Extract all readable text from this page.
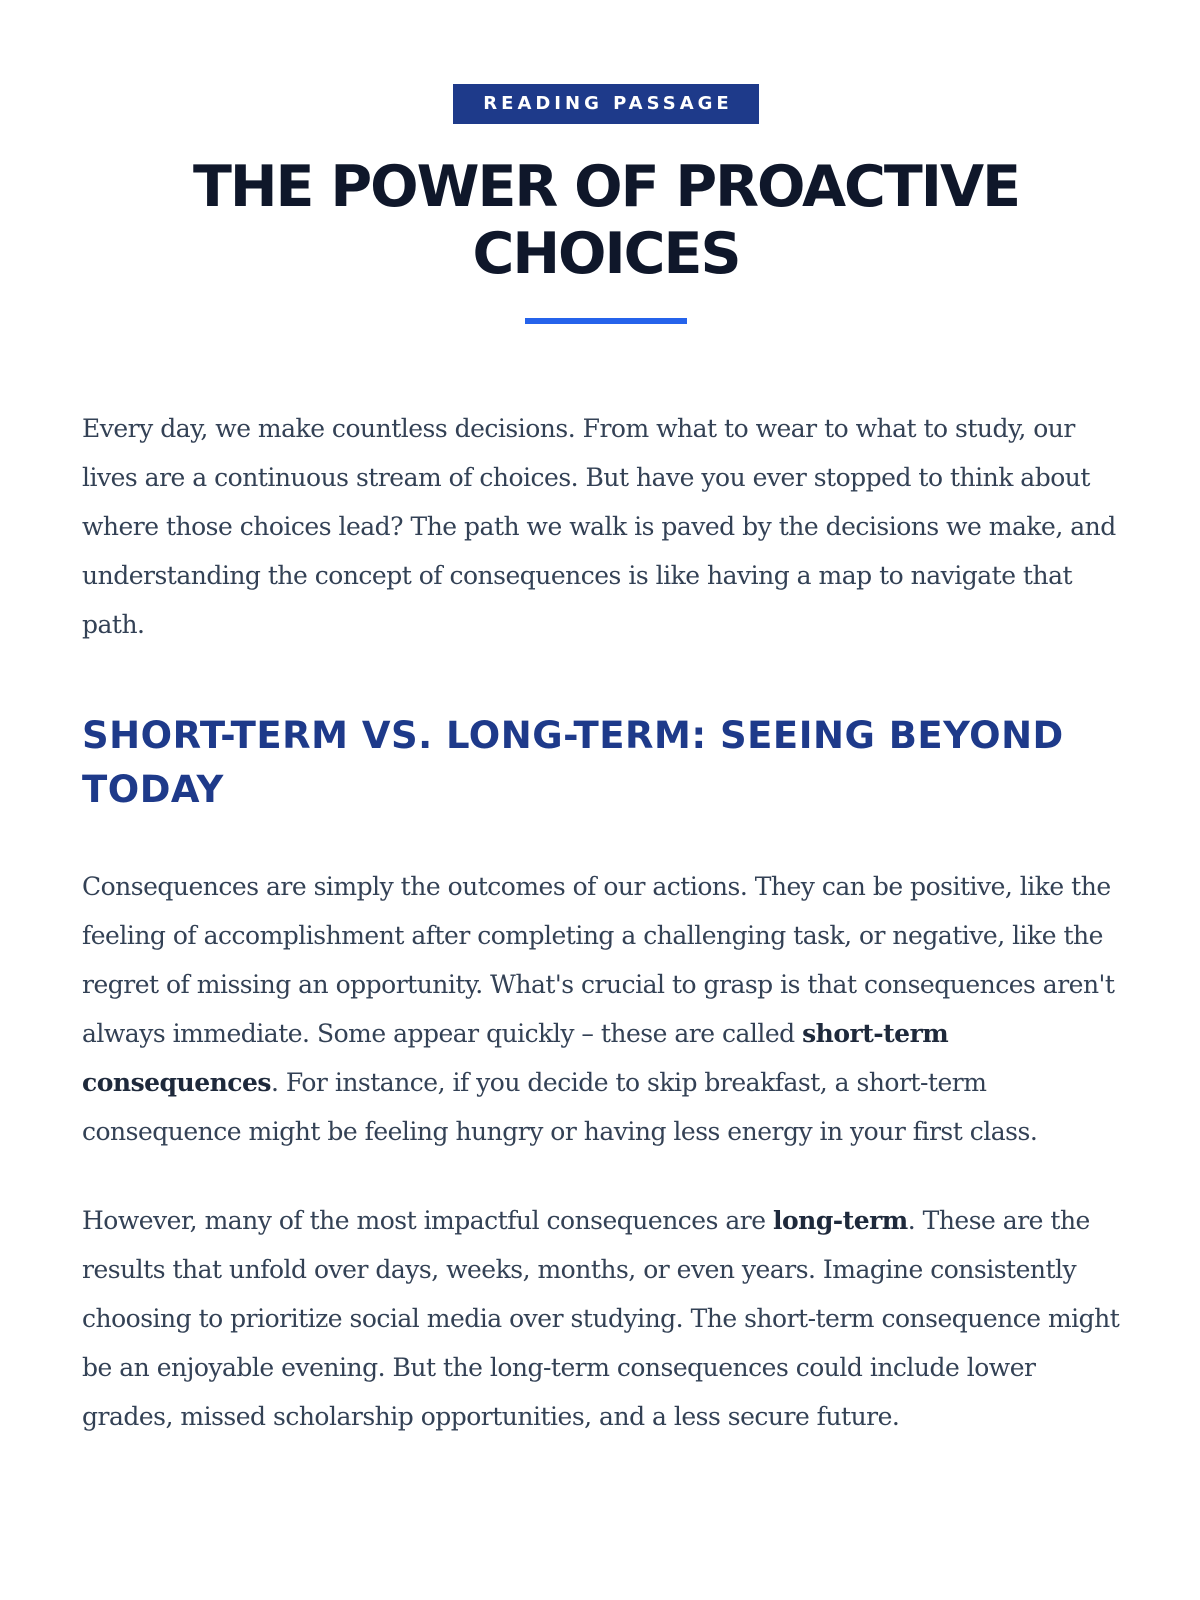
READING PASSAGE
THE POWER OF PROACTIVE CHOICES

Every day, we make countless decisions. From what to wear to what to study, our lives are a continuous stream of choices. But have you ever stopped to think about where those choices lead? The path we walk is paved by the decisions we make, and understanding the concept of consequences is like having a map to navigate that path.

SHORT-TERM VS. LONG-TERM: SEEING BEYOND TODAY

Consequences are simply the outcomes of our actions. They can be positive, like the feeling of accomplishment after completing a challenging task, or negative, like the regret of missing an opportunity. What's crucial to grasp is that consequences aren't always immediate. Some appear quickly – these are called short-term consequences. For instance, if you decide to skip breakfast, a short-term consequence might be feeling hungry or having less energy in your first class.

However, many of the most impactful consequences are long-term. These are the results that unfold over days, weeks, months, or even years. Imagine consistently choosing to prioritize social media over studying. The short-term consequence might be an enjoyable evening. But the long-term consequences could include lower grades, missed scholarship opportunities, and a less secure future.
